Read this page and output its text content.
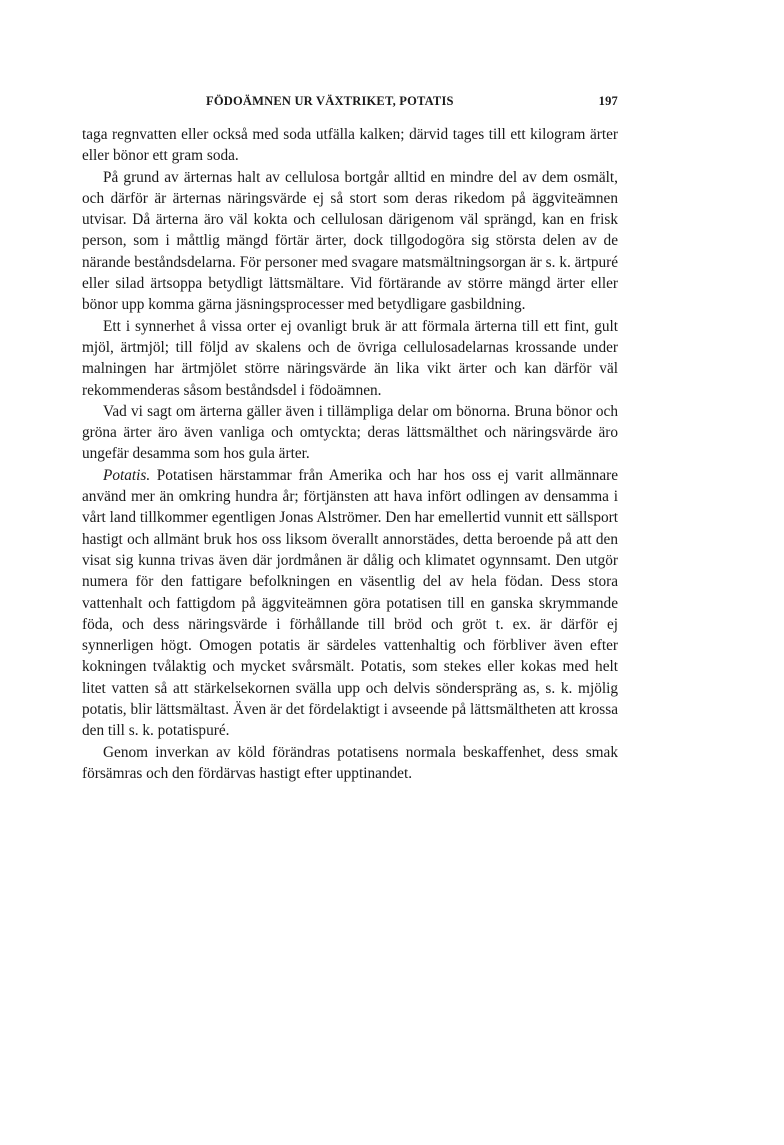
FÖDOÄMNEN UR VÄXTRIKET, POTATIS	197

taga regnvatten eller också med soda utfälla kalken; därvid tages till ett kilogram ärter eller bönor ett gram soda.

På grund av ärternas halt av cellulosa bortgår alltid en mindre del av dem osmält, och därför är ärternas näringsvärde ej så stort som deras rikedom på äggviteämnen utvisar. Då ärterna äro väl kokta och cellulosan därigenom väl sprängd, kan en frisk person, som i måttlig mängd förtär ärter, dock tillgodogöra sig största delen av de närande beståndsdelarna. För personer med svagare matsmältningsorgan är s. k. ärtpuré eller silad ärtsoppa betydligt lättsmältare. Vid förtärande av större mängd ärter eller bönor upp komma gärna jäsningsprocesser med betydligare gasbildning.

Ett i synnerhet å vissa orter ej ovanligt bruk är att förmala ärterna till ett fint, gult mjöl, ärtmjöl; till följd av skalens och de övriga cellulosadelarnas krossande under malningen har ärtmjölet större näringsvärde än lika vikt ärter och kan därför väl rekommenderas såsom beståndsdel i födoämnen.

Vad vi sagt om ärterna gäller även i tillämpliga delar om bönorna. Bruna bönor och gröna ärter äro även vanliga och omtyckta; deras lättsmälthet och näringsvärde äro ungefär desamma som hos gula ärter.

Potatis. Potatisen härstammar från Amerika och har hos oss ej varit allmännare använd mer än omkring hundra år; förtjänsten att hava infört odlingen av densamma i vårt land tillkommer egentligen Jonas Alströmer. Den har emellertid vunnit ett sällsport hastigt och allmänt bruk hos oss liksom överallt annorstädes, detta beroende på att den visat sig kunna trivas även där jordmånen är dålig och klimatet ogynnsamt. Den utgör numera för den fattigare befolkningen en väsentlig del av hela födan. Dess stora vattenhalt och fattigdom på äggviteämnen göra potatisen till en ganska skrymmande föda, och dess näringsvärde i förhållande till bröd och gröt t. ex. är därför ej synnerligen högt. Omogen potatis är särdeles vattenhaltig och förbliver även efter kokningen tvålaktig och mycket svårsmält. Potatis, som stekes eller kokas med helt litet vatten så att stärkelsekornen svälla upp och delvis sönderspräng as, s. k. mjölig potatis, blir lättsmältast. Även är det fördelaktigt i avseende på lättsmältheten att krossa den till s. k. potatispuré.

Genom inverkan av köld förändras potatisens normala beskaffenhet, dess smak försämras och den fördärvas hastigt efter upptinandet.
